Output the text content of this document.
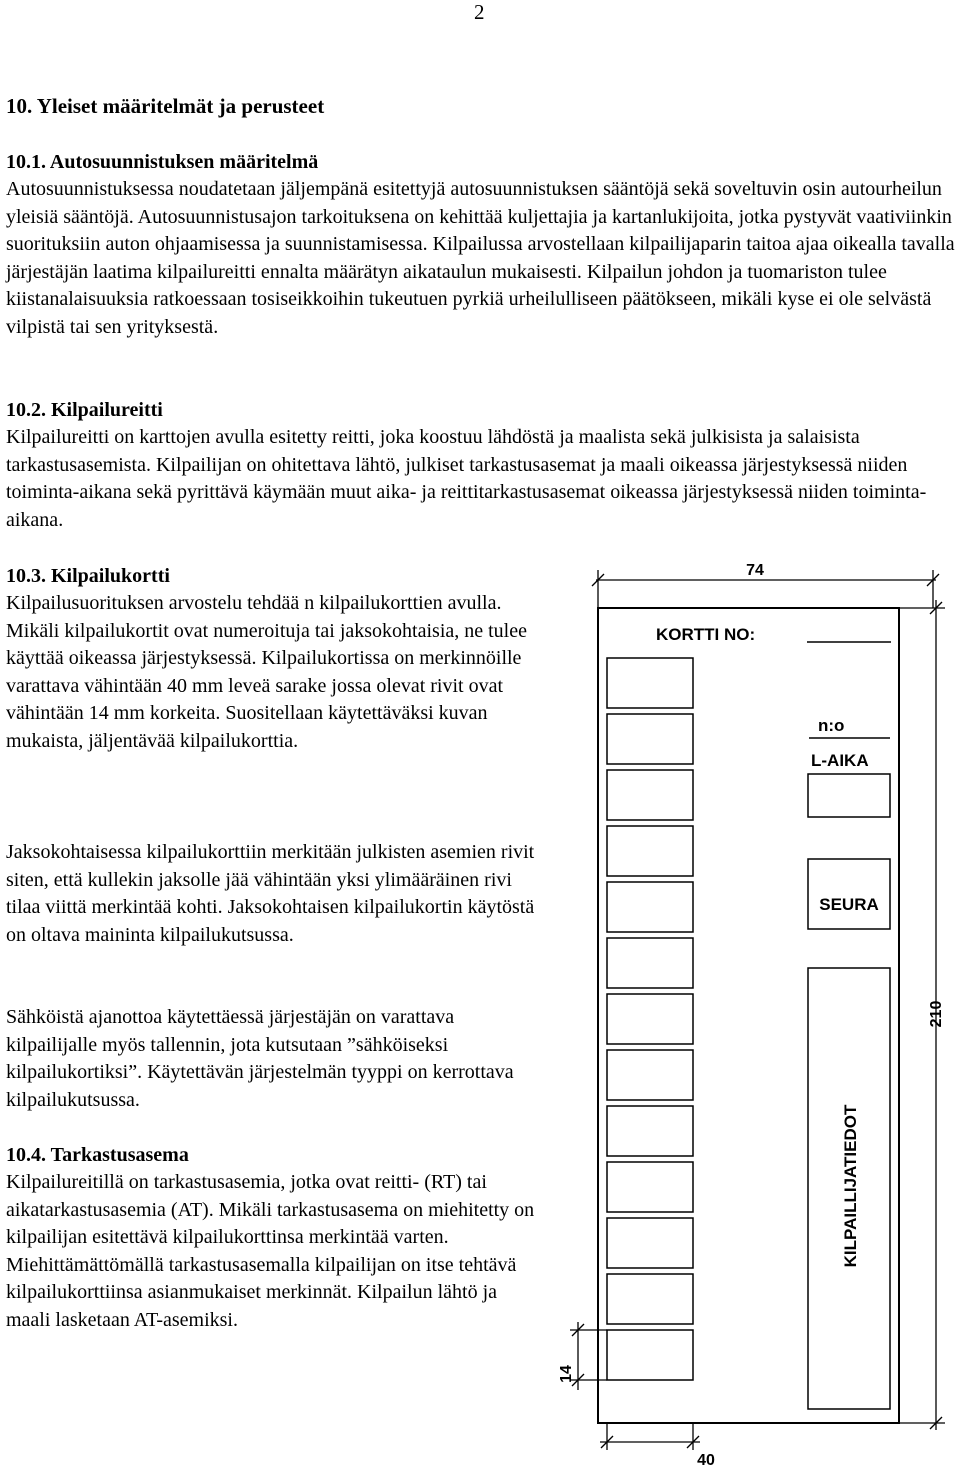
2
10. Yleiset määritelmät ja perusteet
10.1. Autosuunnistuksen määritelmä

Autosuunnistuksessa noudatetaan jäljempänä esitettyjä autosuunnistuksen sääntöjä sekä soveltuvin osin autourheilun yleisiä sääntöjä. Autosuunnistusajon tarkoituksena on kehittää kuljettajia ja kartanlukijoita, jotka pystyvät vaativiinkin suorituksiin auton ohjaamisessa ja suunnistamisessa. Kilpailussa arvostellaan kilpailijaparin taitoa ajaa oikealla tavalla järjestäjän laatima kilpailureitti ennalta määrätyn aikataulun mukaisesti. Kilpailun johdon ja tuomariston tulee kiistanalaisuuksia ratkoessaan tosiseikkoihin tukeutuen pyrkiä urheilulliseen päätökseen, mikäli kyse ei ole selvästä vilpistä tai sen yrityksestä.

10.2. Kilpailureitti

Kilpailureitti on karttojen avulla esitetty reitti, joka koostuu lähdöstä ja maalista sekä julkisista ja salaisista tarkastusasemista. Kilpailijan on ohitettava lähtö, julkiset tarkastusasemat ja maali oikeassa järjestyksessä niiden toiminta-aikana sekä pyrittävä käymään muut aika- ja reittitarkastusasemat oikeassa järjestyksessä niiden toiminta-aikana.

10.3. Kilpailukortti

Kilpailusuorituksen arvostelu tehdää n kilpailukorttien avulla. Mikäli kilpailukortit ovat numeroituja tai jaksokohtaisia, ne tulee käyttää oikeassa järjestyksessä. Kilpailukortissa on merkinnöille varattava vähintään 40 mm leveä sarake jossa olevat rivit ovat vähintään 14 mm korkeita. Suositellaan käytettäväksi kuvan mukaista, jäljentävää kilpailukorttia.

Jaksokohtaisessa kilpailukorttiin merkitään julkisten asemien rivit siten, että kullekin jaksolle jää vähintään yksi ylimääräinen rivi tilaa viittä merkintää kohti. Jaksokohtaisen kilpailukortin käytöstä on oltava maininta kilpailukutsussa.

Sähköistä ajanottoa käytettäessä järjestäjän on varattava kilpailijalle myös tallennin, jota kutsutaan ”sähköiseksi kilpailukortiksi”. Käytettävän järjestelmän tyyppi on kerrottava kilpailukutsussa.

10.4. Tarkastusasema

Kilpailureitillä on tarkastusasemia, jotka ovat reitti- (RT) tai aikatarkastusasemia (AT). Mikäli tarkastusasema on miehitetty on kilpailijan esitettävä kilpailukorttinsa merkintää varten. Miehittämättömällä tarkastusasemalla kilpailijan on itse tehtävä kilpailukorttiinsa asianmukaiset merkinnät. Kilpailun lähtö ja maali lasketaan AT-asemiksi.

74
210
KORTTI NO:
n:o
L-AIKA
SEURA
KILPAILLIJATIEDOT
14
40
